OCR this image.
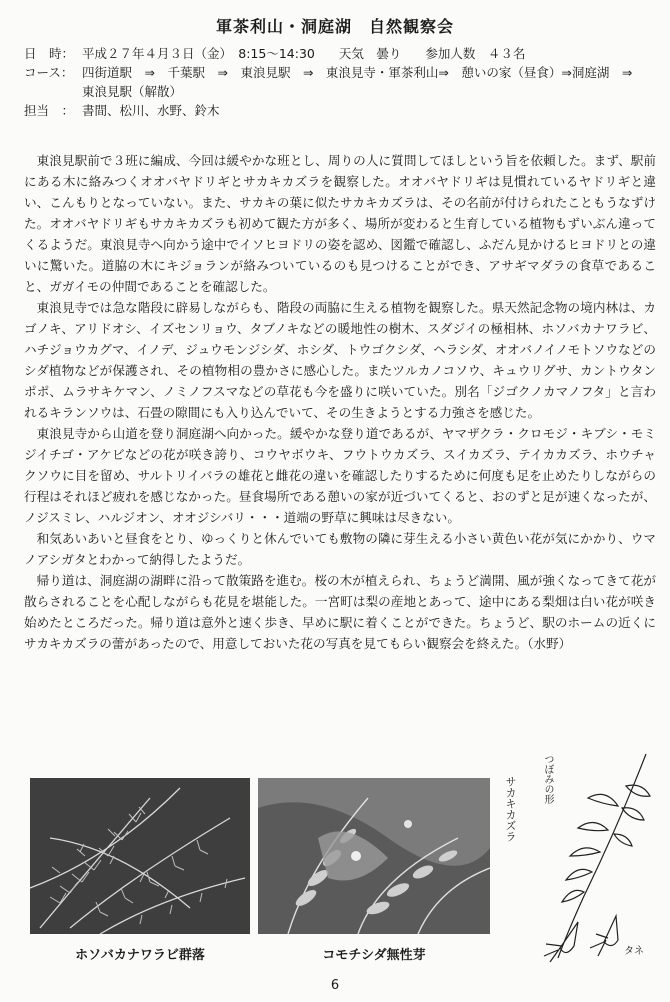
軍茶利山・洞庭湖　自然観察会
日　時： 平成２７年４月３日（金）　8:15～14:30 天気　曇り 参加人数　４３名
コース： 四街道駅　⇒　千葉駅　⇒　東浪見駅　⇒　東浪見寺・軍茶利山⇒　憩いの家（昼食）⇒洞庭湖　⇒　東浪見駅（解散）
担当　： 書間、松川、水野、鈴木

東浪見駅前で３班に編成、今回は緩やかな班とし、周りの人に質問してほしという旨を依頼した。まず、駅前にある木に絡みつくオオバヤドリギとサカキカズラを観察した。オオバヤドリギは見慣れているヤドリギと違い、こんもりとなっていない。また、サカキの葉に似たサカキカズラは、その名前が付けられたこともうなずけた。オオバヤドリギもサカキカズラも初めて観た方が多く、場所が変わると生育している植物もずいぶん違ってくるようだ。東浪見寺へ向かう途中でイソヒヨドリの姿を認め、図鑑で確認し、ふだん見かけるヒヨドリとの違いに驚いた。道脇の木にキジョランが絡みついているのも見つけることができ、アサギマダラの食草であること、ガガイモの仲間であることを確認した。

東浪見寺では急な階段に辟易しながらも、階段の両脇に生える植物を観察した。県天然記念物の境内林は、カゴノキ、アリドオシ、イズセンリョウ、タブノキなどの暖地性の樹木、スダジイの極相林、ホソバカナワラビ、ハチジョウカグマ、イノデ、ジュウモンジシダ、ホシダ、トウゴクシダ、ヘラシダ、オオバノイノモトソウなどのシダ植物などが保護され、その植物相の豊かさに感心した。またツルカノコソウ、キュウリグサ、カントウタンポポ、ムラサキケマン、ノミノフスマなどの草花も今を盛りに咲いていた。別名「ジゴクノカマノフタ」と言われるキランソウは、石畳の隙間にも入り込んでいて、その生きようとする力強さを感じた。

東浪見寺から山道を登り洞庭湖へ向かった。緩やかな登り道であるが、ヤマザクラ・クロモジ・キブシ・モミジイチゴ・アケビなどの花が咲き誇り、コウヤボウキ、フウトウカズラ、スイカズラ、テイカカズラ、ホウチャクソウに目を留め、サルトリイバラの雄花と雌花の違いを確認したりするために何度も足を止めたりしながらの行程はそれほど疲れを感じなかった。昼食場所である憩いの家が近づいてくると、おのずと足が速くなったが、ノジスミレ、ハルジオン、オオジシバリ・・・道端の野草に興味は尽きない。

和気あいあいと昼食をとり、ゆっくりと休んでいても敷物の隣に芽生える小さい黄色い花が気にかかり、ウマノアシガタとわかって納得したようだ。

帰り道は、洞庭湖の湖畔に沿って散策路を進む。桜の木が植えられ、ちょうど満開、風が強くなってきて花が散らされることを心配しながらも花見を堪能した。一宮町は梨の産地とあって、途中にある梨畑は白い花が咲き始めたところだった。帰り道は意外と速く歩き、早めに駅に着くことができた。ちょうど、駅のホームの近くにサカキカズラの蕾があったので、用意しておいた花の写真を見てもらい観察会を終えた。（水野）

ホソバカナワラビ群落	コモチシダ無性芽
つぼみの形
サカキカズラ
タネ
6
